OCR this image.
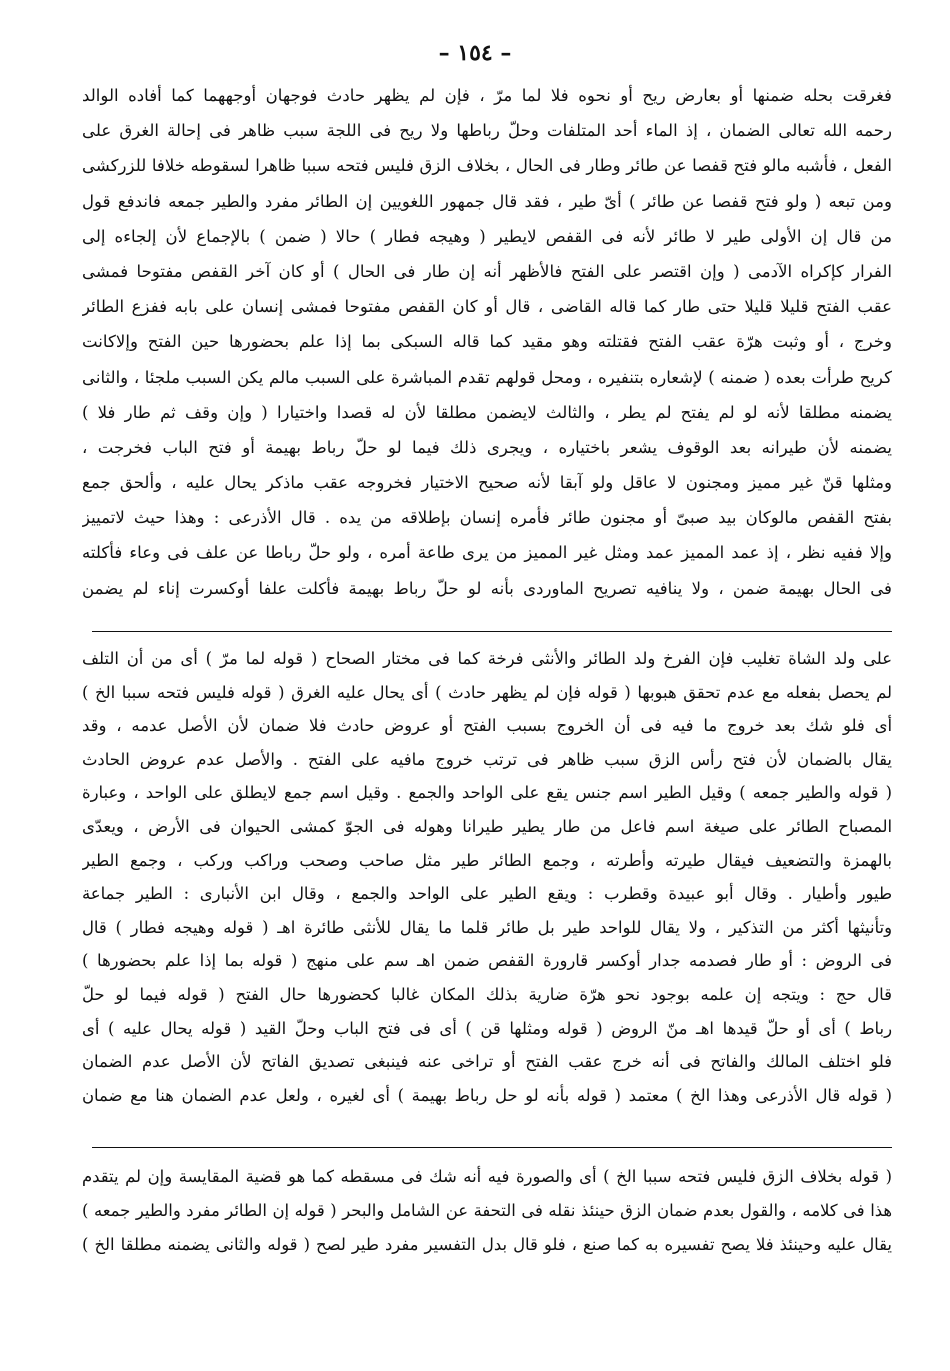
– ١٥٤ –
فغرقت بحله ضمنها أو بعارض ريح أو نحوه فلا لما مرّ ، فإن لم يظهر حادث فوجهان أوجههما كما أفاده الوالد
رحمه الله تعالى الضمان ، إذ الماء أحد المتلفات وحلّ رباطها ولا ريح فى اللجة سبب ظاهر فى إحالة الغرق على
الفعل ، فأشبه مالو فتح قفصا عن طائر وطار فى الحال ، بخلاف الزق فليس فتحه سببا ظاهرا لسقوطه خلافا للزركشى
ومن تبعه ( ولو فتح قفصا عن طائر ) أىّ طير ، فقد قال جمهور اللغويين إن الطائر مفرد والطير جمعه فاندفع قول
من قال إن الأولى طير لا طائر لأنه فى القفص لايطير ( وهيجه فطار ) حالا ( ضمن ) بالإجماع لأن إلجاءه إلى
الفرار كإكراه الآدمى ( وإن اقتصر على الفتح فالأظهر أنه إن طار فى الحال ) أو كان آخر القفص مفتوحا فمشى
عقب الفتح قليلا قليلا حتى طار كما قاله القاضى ، قال أو كان القفص مفتوحا فمشى إنسان على بابه ففزع الطائر
وخرج ، أو وثبت هرّة عقب الفتح فقتلته وهو مقيد كما قاله السبكى بما إذا علم بحضورها حين الفتح وإلاكانت
كريح طرأت بعده ( ضمنه ) لإشعاره بتنفيره ، ومحل قولهم تقدم المباشرة على السبب مالم يكن السبب ملجئا ، والثانى
يضمنه مطلقا لأنه لو لم يفتح لم يطر ، والثالث لايضمن مطلقا لأن له قصدا واختيارا ( وإن وقف ثم طار فلا )
يضمنه لأن طيرانه بعد الوقوف يشعر باختياره ، ويجرى ذلك فيما لو حلّ رباط بهيمة أو فتح الباب فخرجت ،
ومثلها قنّ غير مميز ومجنون لا عاقل ولو آبقا لأنه صحيح الاختيار فخروجه عقب ماذكر يحال عليه ، وألحق جمع
بفتح القفص مالوكان بيد صبىّ أو مجنون طائر فأمره إنسان بإطلاقه من يده . قال الأذرعى : وهذا حيث لاتمييز
وإلا ففيه نظر ، إذ عمد المميز عمد ومثل غير المميز من يرى طاعة أمره ، ولو حلّ رباطا عن علف فى وعاء فأكلته
فى الحال بهيمة ضمن ، ولا ينافيه تصريح الماوردى بأنه لو حلّ رباط بهيمة فأكلت علفا أوكسرت إناء لم يضمن
على ولد الشاة تغليب فإن الفرخ ولد الطائر والأنثى فرخة كما فى مختار الصحاح ( قوله لما مرّ ) أى من أن التلف
لم يحصل بفعله مع عدم تحقق هبوبها ( قوله فإن لم يظهر حادث ) أى يحال عليه الغرق ( قوله فليس فتحه سببا الخ )
أى فلو شك بعد خروج ما فيه فى أن الخروج بسبب الفتح أو عروض حادث فلا ضمان لأن الأصل عدمه ، وقد
يقال بالضمان لأن فتح رأس الزق سبب ظاهر فى ترتب خروج مافيه على الفتح . والأصل عدم عروض الحادث
( قوله والطير جمعه ) وقيل الطير اسم جنس يقع على الواحد والجمع . وقيل اسم جمع لايطلق على الواحد ، وعبارة
المصباح الطائر على صيغة اسم فاعل من طار يطير طيرانا وهوله فى الجوّ كمشى الحيوان فى الأرض ، ويعدّى
بالهمزة والتضعيف فيقال طيرته وأطرته ، وجمع الطائر طير مثل صاحب وصحب وراكب وركب ، وجمع الطير
طيور وأطيار . وقال أبو عبيدة وقطرب : ويقع الطير على الواحد والجمع ، وقال ابن الأنبارى : الطير جماعة
وتأنيثها أكثر من التذكير ، ولا يقال للواحد طير بل طائر قلما ما يقال للأنثى طائرة اهـ ( قوله وهيجه فطار ) قال
فى الروض : أو طار فصدمه جدار أوكسر قارورة القفص ضمن اهـ سم على منهج ( قوله بما إذا علم بحضورها )
قال حج : ويتجه إن علمه بوجود نحو هرّة ضارية بذلك المكان غالبا كحضورها حال الفتح ( قوله فيما لو حلّ
رباط ) أى أو حلّ قيدها اهـ منّ الروض ( قوله ومثلها قن ) أى فى فتح الباب وحلّ القيد ( قوله يحال عليه ) أى
فلو اختلف المالك والفاتح فى أنه خرج عقب الفتح أو تراخى عنه فينبغى تصديق الفاتح لأن الأصل عدم الضمان
( قوله قال الأذرعى وهذا الخ ) معتمد ( قوله بأنه لو حل رباط بهيمة ) أى لغيره ، ولعل عدم الضمان هنا مع ضمان
( قوله بخلاف الزق فليس فتحه سببا الخ ) أى والصورة فيه أنه شك فى مسقطه كما هو قضية المقايسة وإن لم يتقدم
هذا فى كلامه ، والقول بعدم ضمان الزق حينئذ نقله فى التحفة عن الشامل والبحر ( قوله إن الطائر مفرد والطير جمعه )
يقال عليه وحينئذ فلا يصح تفسيره به كما صنع ، فلو قال بدل التفسير مفرد طير لصح ( قوله والثانى يضمنه مطلقا الخ )
